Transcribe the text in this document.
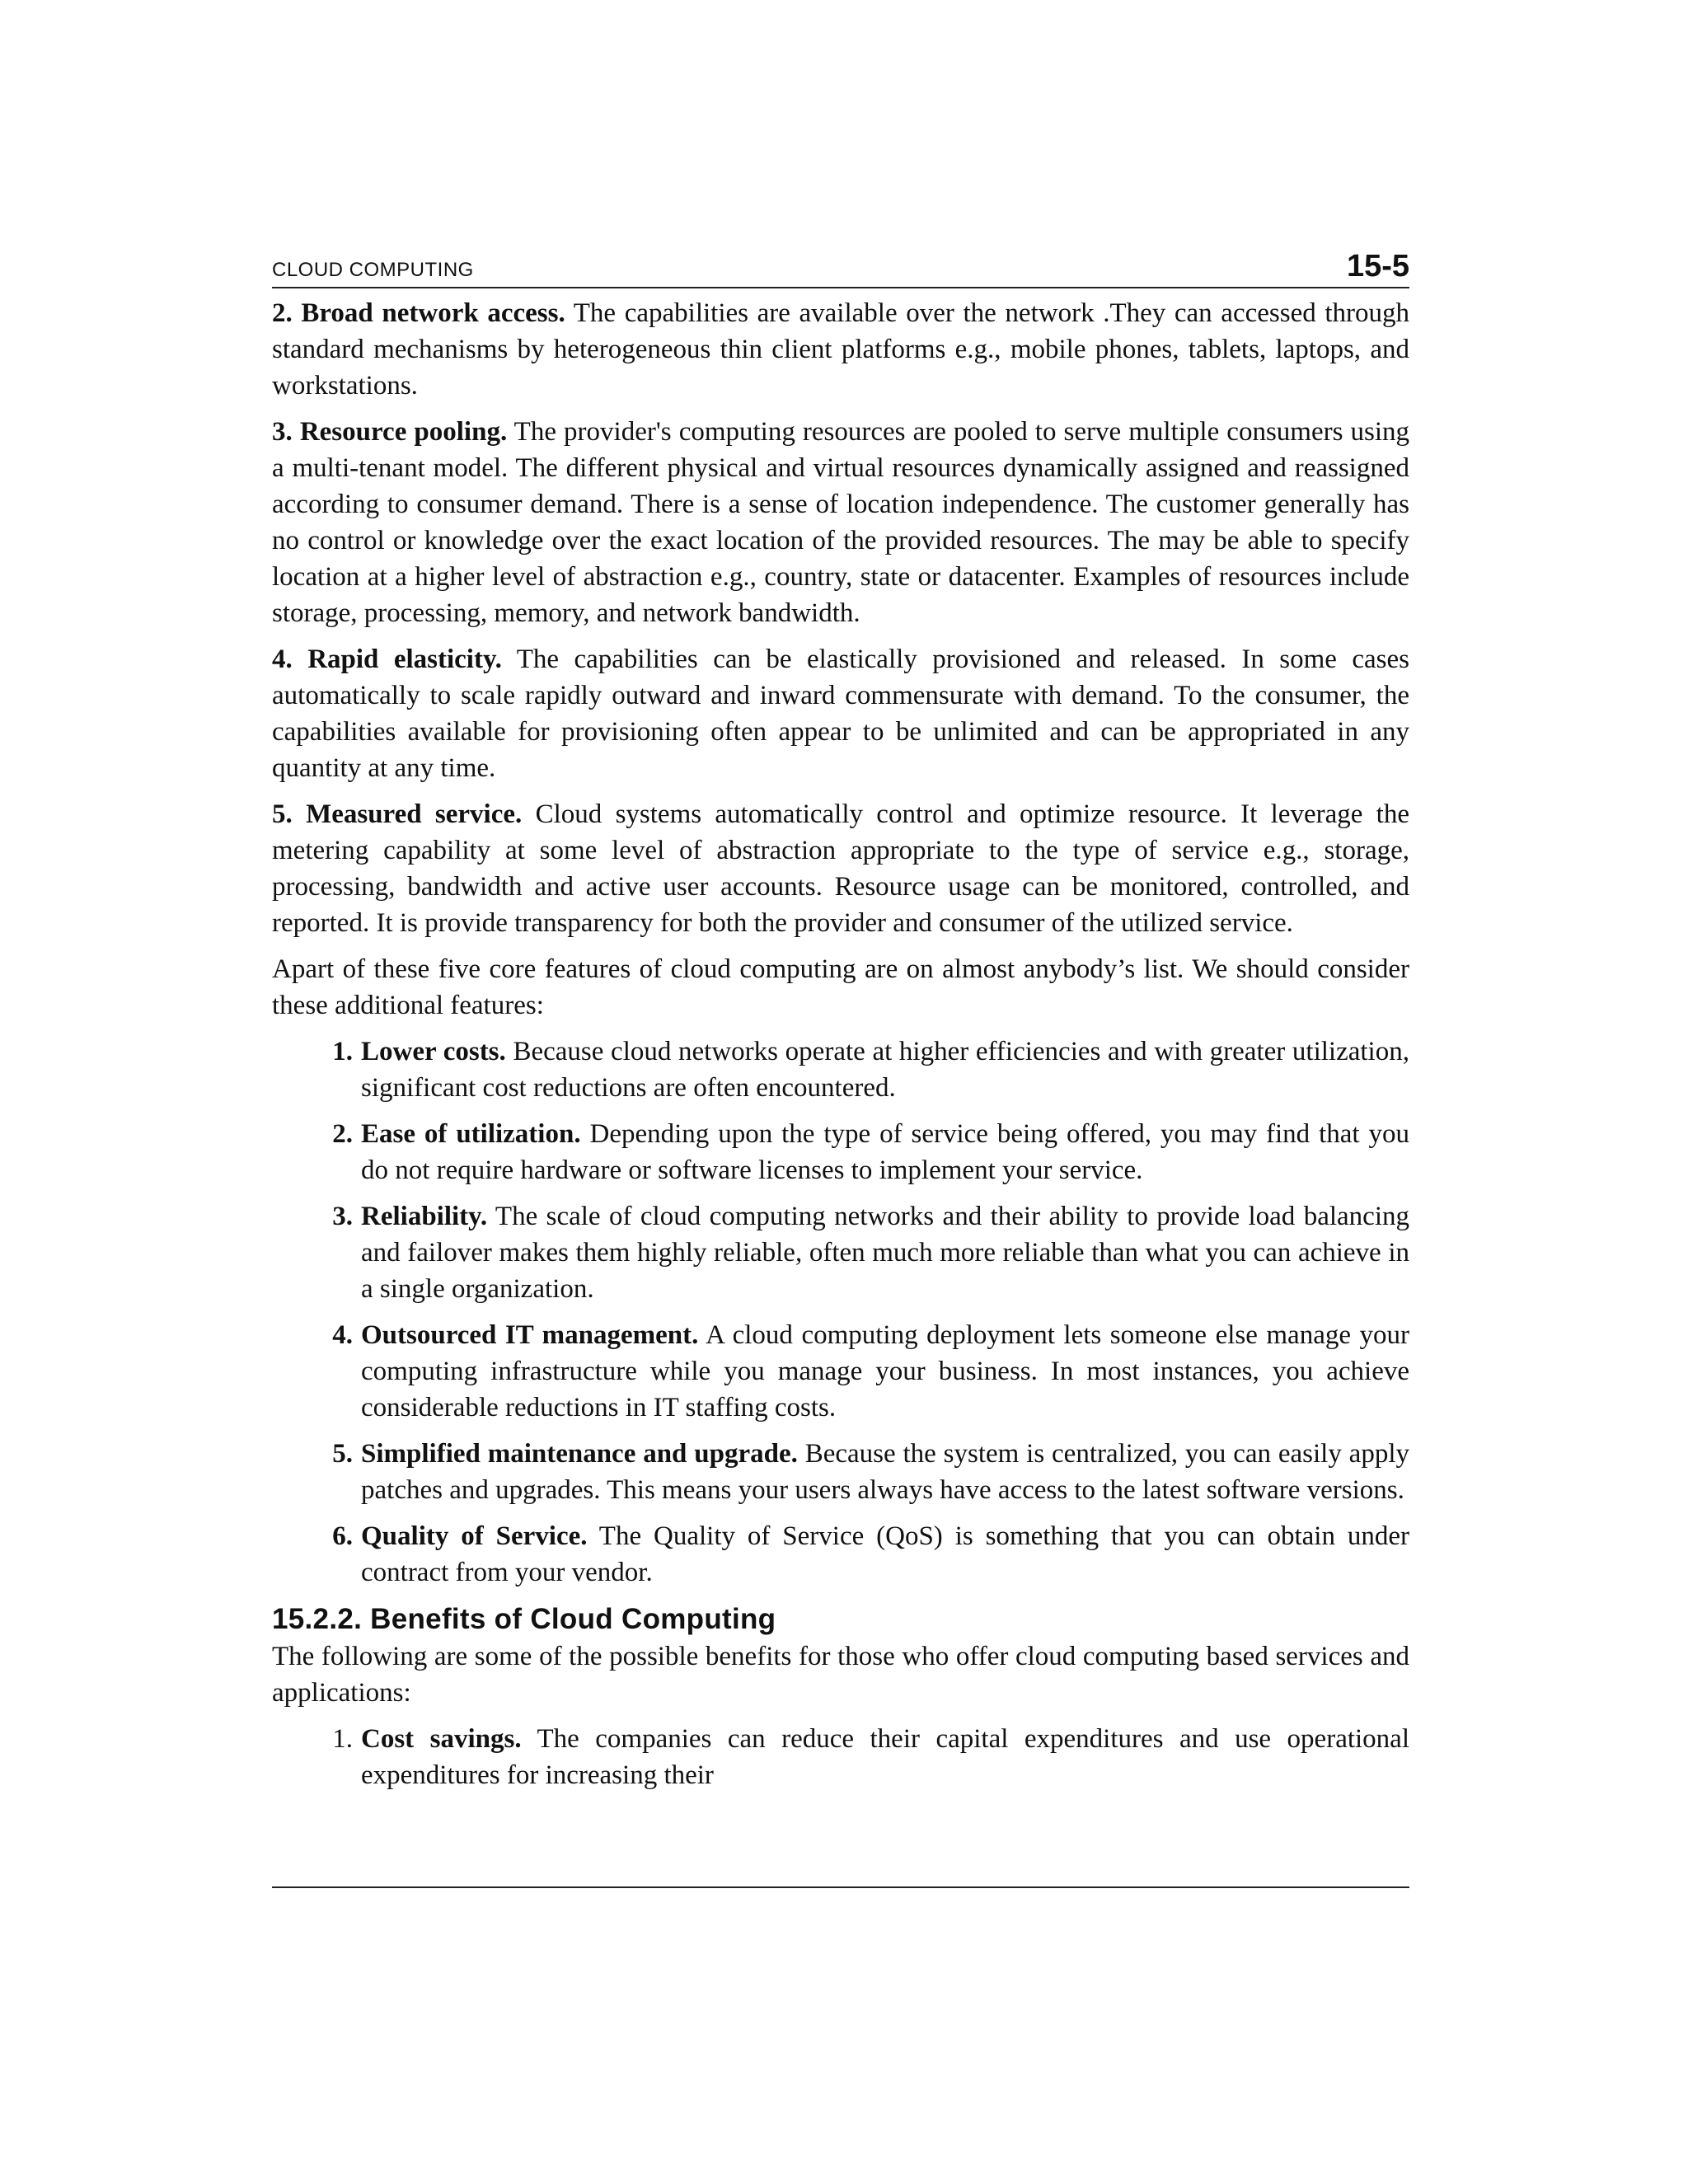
CLOUD COMPUTING	15-5

2. Broad network access. The capabilities are available over the network .They can accessed through standard mechanisms by heterogeneous thin client platforms e.g., mobile phones, tablets, laptops, and workstations.

3. Resource pooling. The provider's computing resources are pooled to serve multiple consumers using a multi-tenant model. The different physical and virtual resources dynamically assigned and reassigned according to consumer demand. There is a sense of location independence. The customer generally has no control or knowledge over the exact location of the provided resources. The may be able to specify location at a higher level of abstraction e.g., country, state or datacenter. Examples of resources include storage, processing, memory, and network bandwidth.

4. Rapid elasticity. The capabilities can be elastically provisioned and released. In some cases automatically to scale rapidly outward and inward commensurate with demand. To the consumer, the capabilities available for provisioning often appear to be unlimited and can be appropriated in any quantity at any time.

5. Measured service. Cloud systems automatically control and optimize resource. It leverage the metering capability at some level of abstraction appropriate to the type of service e.g., storage, processing, bandwidth and active user accounts. Resource usage can be monitored, controlled, and reported. It is provide transparency for both the provider and consumer of the utilized service.

Apart of these five core features of cloud computing are on almost anybody’s list. We should consider these additional features:

1. Lower costs. Because cloud networks operate at higher efficiencies and with greater utilization, significant cost reductions are often encountered.
2. Ease of utilization. Depending upon the type of service being offered, you may find that you do not require hardware or software licenses to implement your service.
3. Reliability. The scale of cloud computing networks and their ability to provide load balancing and failover makes them highly reliable, often much more reliable than what you can achieve in a single organization.
4. Outsourced IT management. A cloud computing deployment lets someone else manage your computing infrastructure while you manage your business. In most instances, you achieve considerable reductions in IT staffing costs.
5. Simplified maintenance and upgrade. Because the system is centralized, you can easily apply patches and upgrades. This means your users always have access to the latest software versions.
6. Quality of Service. The Quality of Service (QoS) is something that you can obtain under contract from your vendor.
15.2.2. Benefits of Cloud Computing

The following are some of the possible benefits for those who offer cloud computing based services and applications:

1. Cost savings. The companies can reduce their capital expenditures and use operational expenditures for increasing their
